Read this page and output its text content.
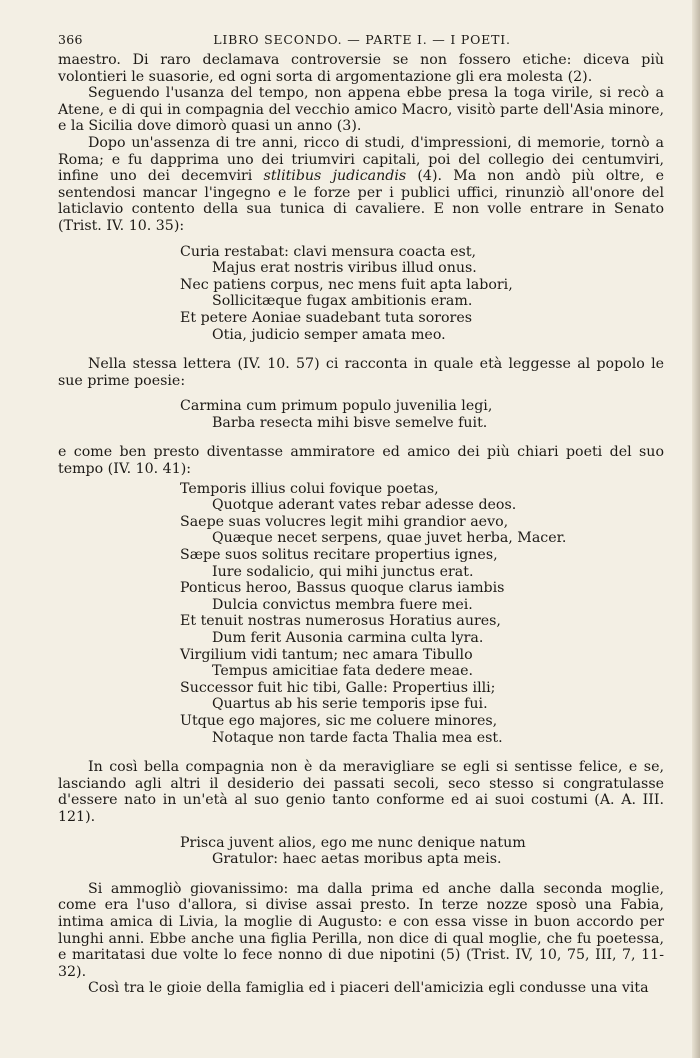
366	LIBRO SECONDO. — PARTE I. — I POETI.

maestro. Di raro declamava controversie se non fossero etiche: diceva più volontieri le suasorie, ed ogni sorta di argomentazione gli era molesta (2).

Seguendo l'usanza del tempo, non appena ebbe presa la toga virile, si recò a Atene, e di qui in compagnia del vecchio amico Macro, visitò parte dell'Asia minore, e la Sicilia dove dimorò quasi un anno (3).

Dopo un'assenza di tre anni, ricco di studi, d'impressioni, di memorie, tornò a Roma; e fu dapprima uno dei triumviri capitali, poi del collegio dei centumviri, infine uno dei decemviri stlitibus judicandis (4). Ma non andò più oltre, e sentendosi mancar l'ingegno e le forze per i publici uffici, rinunziò all'onore del laticlavio contento della sua tunica di cavaliere. E non volle entrare in Senato (Trist. IV. 10. 35):

Curia restabat: clavi mensura coacta est,
Majus erat nostris viribus illud onus.
Nec patiens corpus, nec mens fuit apta labori,
Sollicitæque fugax ambitionis eram.
Et petere Aoniae suadebant tuta sorores
Otia, judicio semper amata meo.

Nella stessa lettera (IV. 10. 57) ci racconta in quale età leggesse al popolo le sue prime poesie:

Carmina cum primum populo juvenilia legi,
Barba resecta mihi bisve semelve fuit.

e come ben presto diventasse ammiratore ed amico dei più chiari poeti del suo tempo (IV. 10. 41):

Temporis illius colui fovique poetas,
Quotque aderant vates rebar adesse deos.
Saepe suas volucres legit mihi grandior aevo,
Quæque necet serpens, quae juvet herba, Macer.
Sæpe suos solitus recitare propertius ignes,
Iure sodalicio, qui mihi junctus erat.
Ponticus heroo, Bassus quoque clarus iambis
Dulcia convictus membra fuere mei.
Et tenuit nostras numerosus Horatius aures,
Dum ferit Ausonia carmina culta lyra.
Virgilium vidi tantum; nec amara Tibullo
Tempus amicitiae fata dedere meae.
Successor fuit hic tibi, Galle: Propertius illi;
Quartus ab his serie temporis ipse fui.
Utque ego majores, sic me coluere minores,
Notaque non tarde facta Thalia mea est.

In così bella compagnia non è da meravigliare se egli si sentisse felice, e se, lasciando agli altri il desiderio dei passati secoli, seco stesso si congratulasse d'essere nato in un'età al suo genio tanto conforme ed ai suoi costumi (A. A. III. 121).

Prisca juvent alios, ego me nunc denique natum
Gratulor: haec aetas moribus apta meis.

Si ammogliò giovanissimo: ma dalla prima ed anche dalla seconda moglie, come era l'uso d'allora, si divise assai presto. In terze nozze sposò una Fabia, intima amica di Livia, la moglie di Augusto: e con essa visse in buon accordo per lunghi anni. Ebbe anche una figlia Perilla, non dice di qual moglie, che fu poetessa, e maritatasi due volte lo fece nonno di due nipotini (5) (Trist. IV, 10, 75, III, 7, 11-32).

Così tra le gioie della famiglia ed i piaceri dell'amicizia egli condusse una vita
